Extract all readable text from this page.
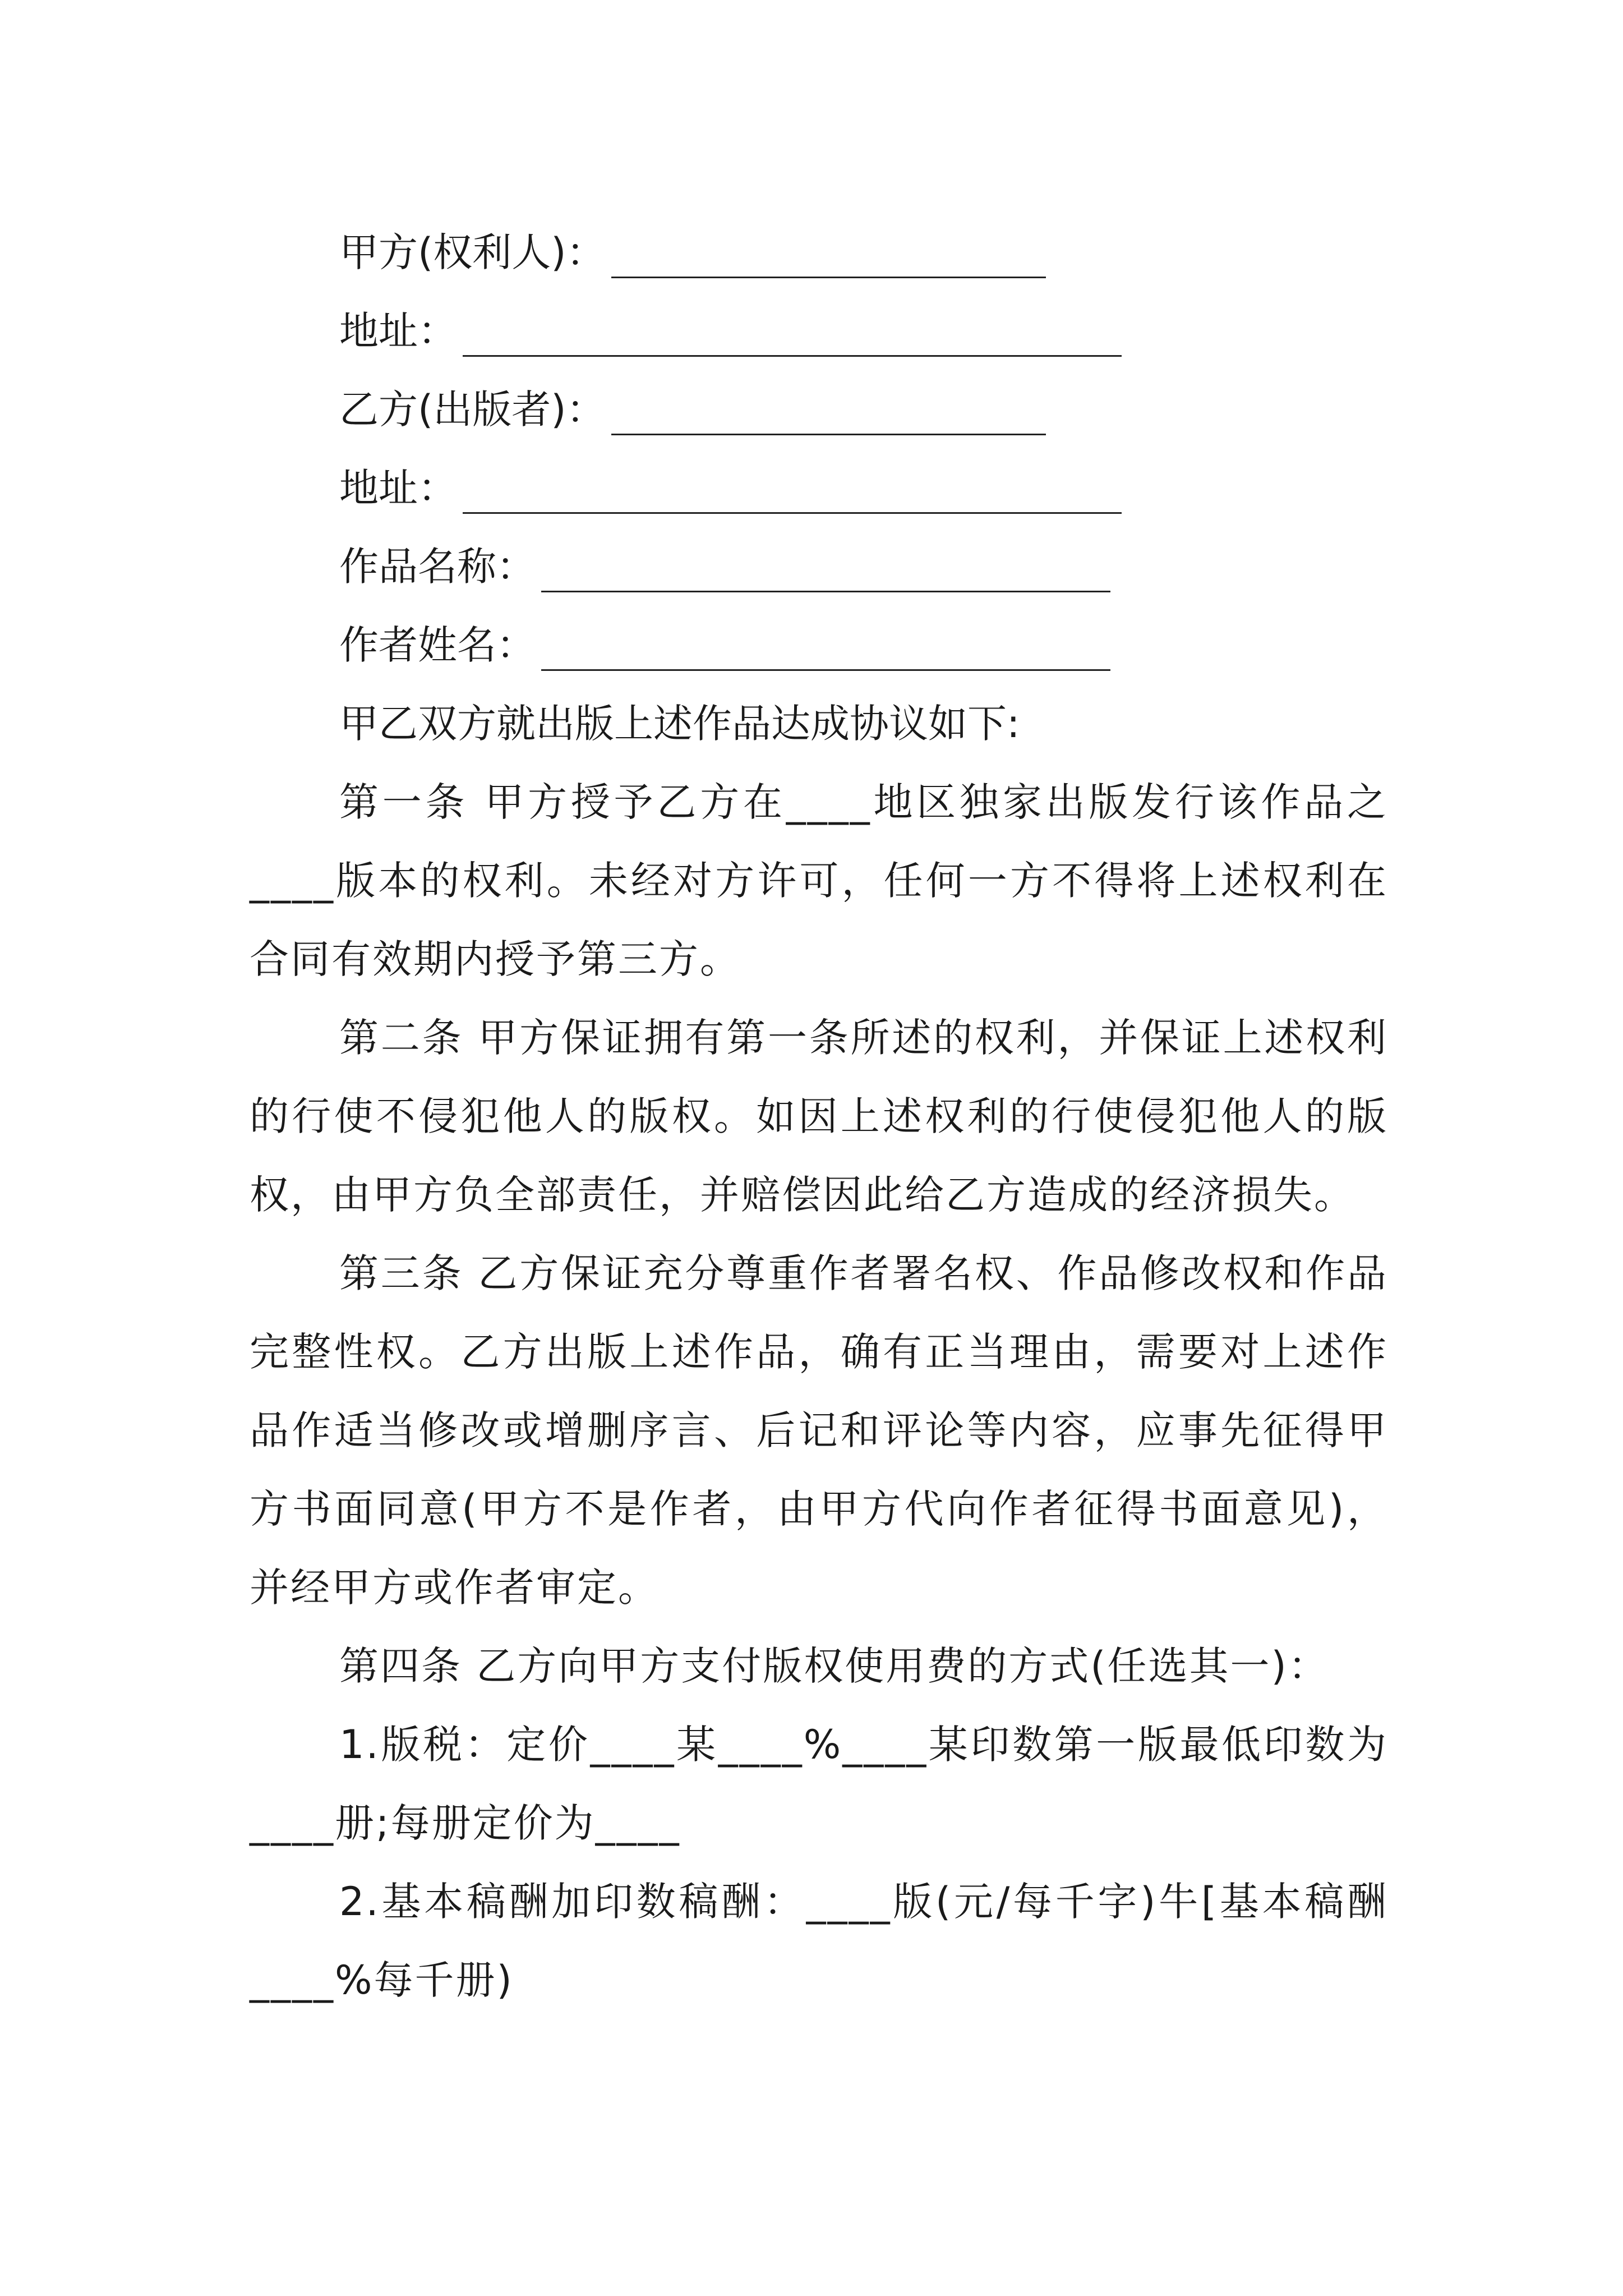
甲方(权利人)：
地址：
乙方(出版者)：
地址：
作品名称：
作者姓名：

甲乙双方就出版上述作品达成协议如下:

第一条 甲方授予乙方在____地区独家出版发行该作品之____版本的权利。未经对方许可，任何一方不得将上述权利在合同有效期内授予第三方。

第二条 甲方保证拥有第一条所述的权利，并保证上述权利的行使不侵犯他人的版权。如因上述权利的行使侵犯他人的版权，由甲方负全部责任，并赔偿因此给乙方造成的经济损失。

第三条 乙方保证充分尊重作者署名权、作品修改权和作品完整性权。乙方出版上述作品，确有正当理由，需要对上述作品作适当修改或增删序言、后记和评论等内容，应事先征得甲方书面同意(甲方不是作者，由甲方代向作者征得书面意见)，并经甲方或作者审定。

第四条 乙方向甲方支付版权使用费的方式(任选其一)：

1.版税：定价____某____%____某印数第一版最低印数为____册;每册定价为____

2.基本稿酬加印数稿酬：____版(元/每千字)牛[基本稿酬____%每千册)
